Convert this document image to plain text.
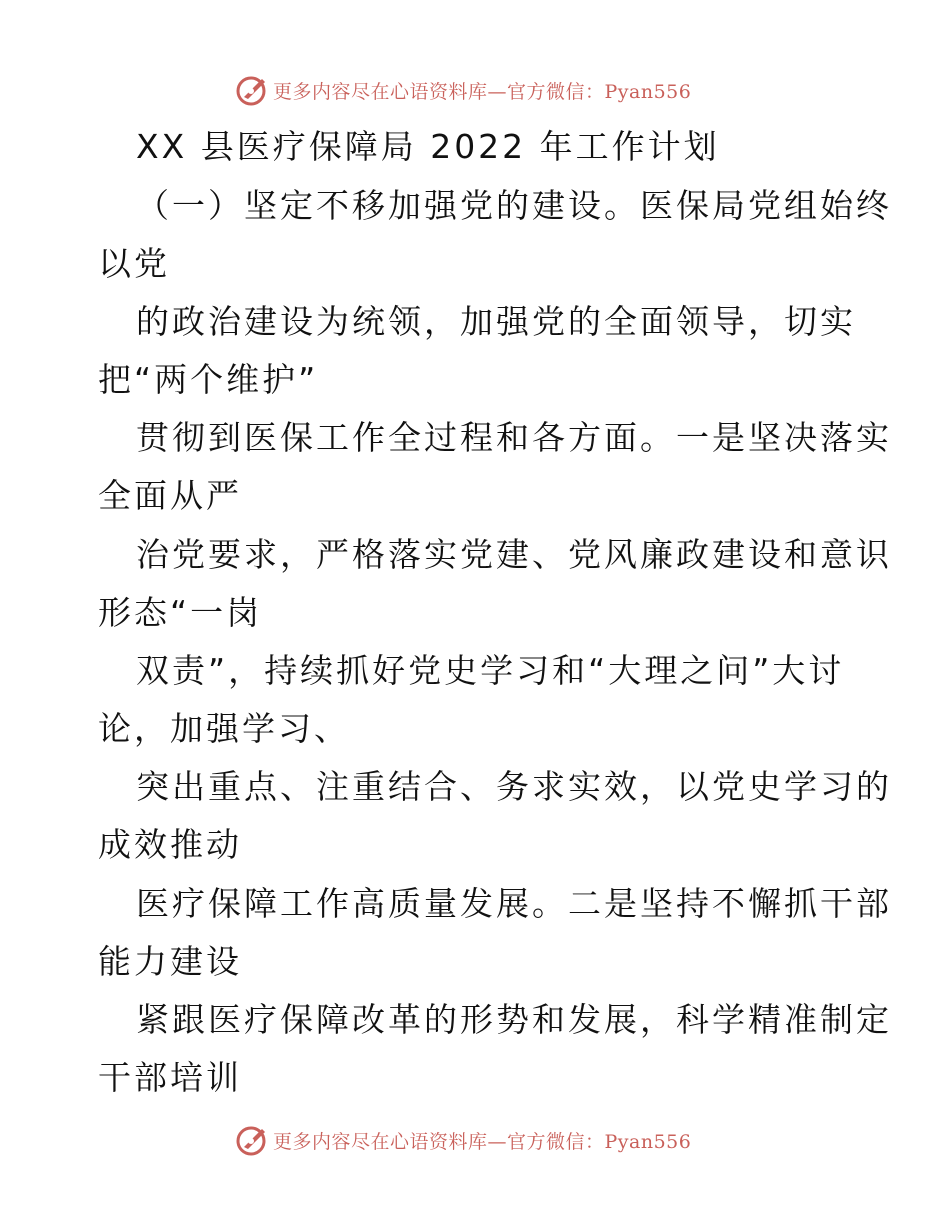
更多内容尽在心语资料库—官方微信：Pyan556
XX 县医疗保障局 2022 年工作计划
（一）坚定不移加强党的建设。医保局党组始终
以党
的政治建设为统领，加强党的全面领导，切实
把“两个维护”
贯彻到医保工作全过程和各方面。一是坚决落实
全面从严
治党要求，严格落实党建、党风廉政建设和意识
形态“一岗
双责”，持续抓好党史学习和“大理之问”大讨
论，加强学习、
突出重点、注重结合、务求实效，以党史学习的
成效推动
医疗保障工作高质量发展。二是坚持不懈抓干部
能力建设
紧跟医疗保障改革的形势和发展，科学精准制定
干部培训
更多内容尽在心语资料库—官方微信：Pyan556
